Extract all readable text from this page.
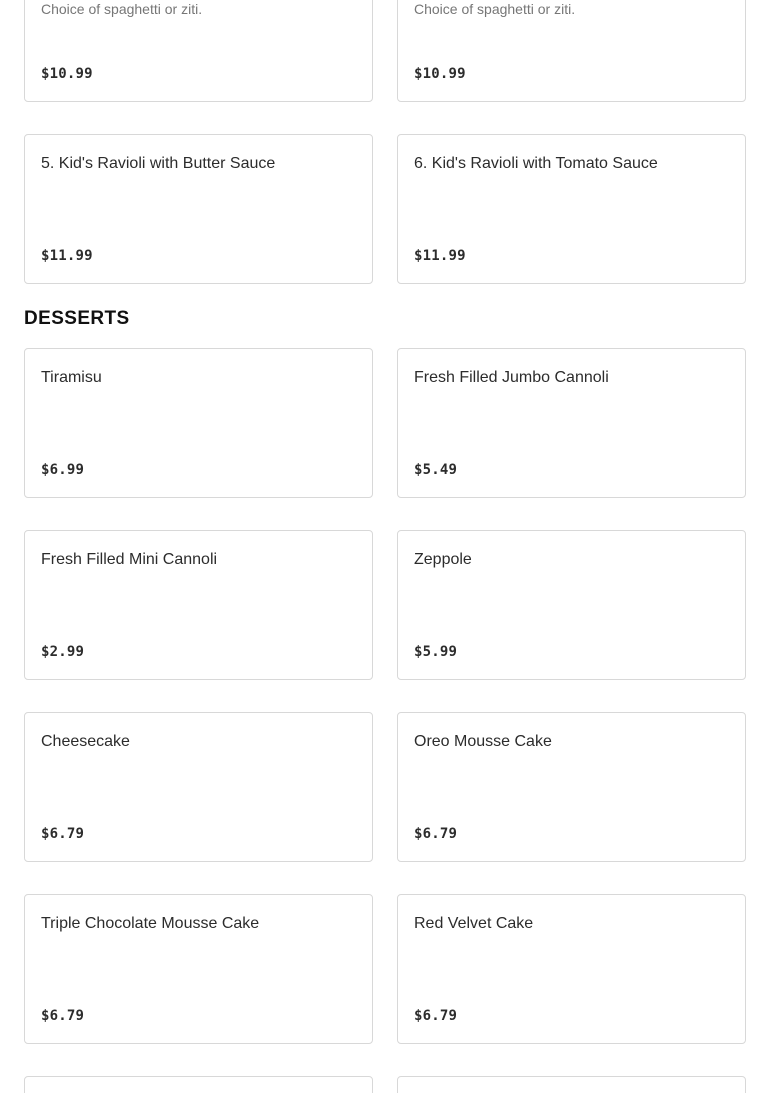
Choice of spaghetti or ziti.
$10.99
Choice of spaghetti or ziti.
$10.99
5. Kid's Ravioli with Butter Sauce
$11.99
6. Kid's Ravioli with Tomato Sauce
$11.99
DESSERTS
Tiramisu
$6.99
Fresh Filled Jumbo Cannoli
$5.49
Fresh Filled Mini Cannoli
$2.99
Zeppole
$5.99
Cheesecake
$6.79
Oreo Mousse Cake
$6.79
Triple Chocolate Mousse Cake
$6.79
Red Velvet Cake
$6.79
